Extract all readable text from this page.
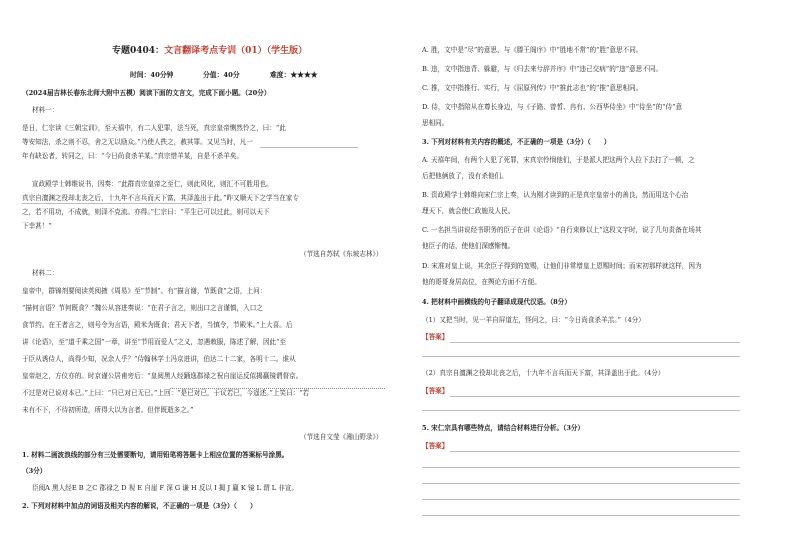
专题0404：文言翻译考点专训（01）（学生版）
时间：40分钟	分值：40分	难度：★★★★
（2024届吉林长春东北师大附中五模）阅读下面的文言文，完成下面小题。（20分）
材料一：
是日，仁宗读《三朝宝训》，至天禧中，有二人犯罪，法当死，真宗皇帝恻然怜之，曰：“此
等安知法，杀之则不忍，舍之无以励众。”乃使人抶之，赦其罪。又见当时，凡一
年有缺讼者，转同之，曰：“今日尚食杀羊某。”真宗惜羊某，自是不杀羊矣。
宣政殿学士韩维说书，因奏：“此群真宗皇帝之至仁，则此风化，则汇不可胜用也。
真宗自澶渊之役却北丧之后，十九年不言兵而天下富，其泽盖出于此。”昨又顺天下之学当在家专
之，若不用功，不成就，则泽不克流。亦得。”仁宗曰：“平生已可以过此，则可以天下
下幸甚！”
（节选自苏轼《东坡志林》）
材料二：
皇帝中，群锦剂要阅读英阅掖《周易》至“节制”。有“描言谢，节既食”之语，上问：
“描何言语？节何既食？”魏公从容进奏说：“在君子言之，则出口之言谨慎，入口之
食节约。在王者言之，则号令为言语，殿米为既食；君天下者，当慎令，节殿米。”上大喜。后
讲《论语》，至“道千乘之国”一章，讲至“节用而爱人”之义，忽遇敕服，陈述了解，因此“至
于臣从诱侍人，尚得少知，况余人乎？”侍翰林学士冯京进讲，伯达二十二家，各明十二。谁从
皇帝赵之，方仪亦的。时京谨公居甫旁后：“皇阅黑人经踊逸郡禄之祝自崖运反似揭赢镜谓督京。
不过是对已说对本已。”上曰：“只已对已无已。”上回：“是已对已，于议若已，今遥述。”上笑曰：“若
未有不下，不待初所造，所得大以为言者。但伴既逝多之。”
（节选自文莹《湘山野录》）
1. 材料二画波浪线的部分有三处需要断句，请用铅笔将答题卡上相应位置的答案标号涂黑。
（3分）
臣阅A 黑人经E B 之C 郡禄之 D 视 E 自崖 F 深 G 谦 H 反以 I 揭 J 赢 K 镜 L 谓 L 非宣。
2. 下列对材料中加点的词语及相关内容的解说，不正确的一项是（3分）（　　）
A. 胜，文中是“尽”的意思，与《滕王阁序》中“胜地不常”的“胜”意思不同。
B. 违，文中指违背、躲避，与《归去来兮辞并序》中“违己交病”的“违”意思不同。
C. 推，文中指推行、实行，与《屈原列传》中“推此志也”的“推”意思相同。
D. 侍，文中指陪从在尊长身边，与《子路、曾皙、冉有、公西华侍坐》中“侍坐”的“侍”意
思相同。
3. 下列对材料有关内容的概述，不正确的一项是（3分）（　　）
A. 天禧年间，有两个人犯了死罪，宋真宗怜悯他们，于是派人把这两个人拉下去打了一顿，之
后把他俩放了，没有杀他们。
B. 资政殿学士韩维向宋仁宗上奏，认为刚才读到的正是真宗皇帝小的善良，然而用这个心治
理天下，就会使仁政施及人民。
C. 一名担当讲说经书职务的臣子在讲《论语》“自行束修以上”这段文字时，说了几句责备在场其
他臣子的话，使他们深感惭愧。
D. 宋准对皇上说，其余臣子得到的宽赐，让他们非常增皇上恩赐时间；而宋初那样就这样，因为
他的哥哥身居高位，在舆论方面不方便。
4. 把材料中画横线的句子翻译成现代汉语。（8分）
（1）又把当时，见一羊自屏道左，怪问之，曰：“今日尚食杀羊羔。”（4分）
【答案】
（2）真宗自澶渊之役却北丧之后，十九年不言兵而天下富，其泽盖出于此。（4分）
【答案】
5. 宋仁宗具有哪些特点，请结合材料进行分析。（3分）
【答案】
